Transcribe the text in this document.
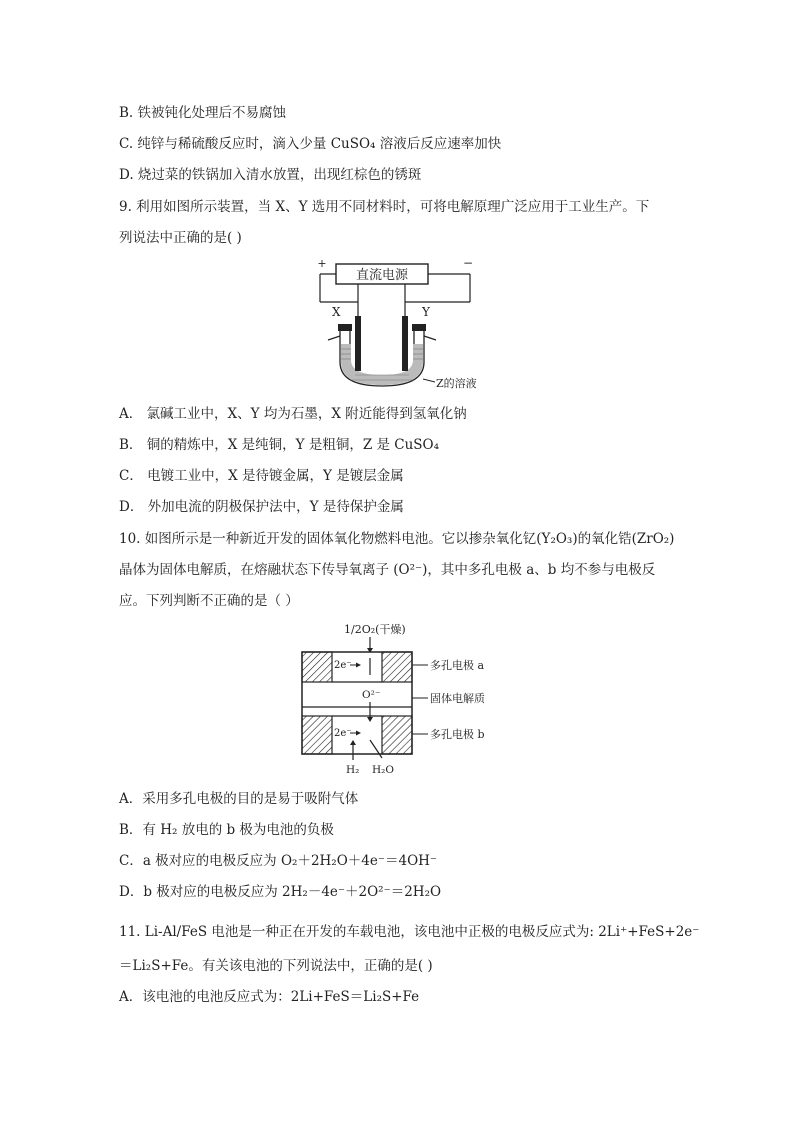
B. 铁被钝化处理后不易腐蚀
C. 纯锌与稀硫酸反应时，滴入少量 CuSO₄ 溶液后反应速率加快
D. 烧过菜的铁锅加入清水放置，出现红棕色的锈斑
9. 利用如图所示装置，当 X、Y 选用不同材料时，可将电解原理广泛应用于工业生产。下
列说法中正确的是( )
直流电源
+	−
X	Y
Z的溶液
A． 氯碱工业中，X、Y 均为石墨，X 附近能得到氢氧化钠
B． 铜的精炼中，X 是纯铜，Y 是粗铜，Z 是 CuSO₄
C． 电镀工业中，X 是待镀金属，Y 是镀层金属
D． 外加电流的阴极保护法中，Y 是待保护金属
10. 如图所示是一种新近开发的固体氧化物燃料电池。它以掺杂氧化钇(Y₂O₃)的氧化锆(ZrO₂)
晶体为固体电解质，在熔融状态下传导氧离子 (O²⁻)，其中多孔电极 a、b 均不参与电极反
应。下列判断不正确的是（ ）
1/2O₂(干燥)
2e⁻
O²⁻
2e⁻
H₂ H₂O
多孔电极 a
固体电解质
多孔电极 b
A．采用多孔电极的目的是易于吸附气体
B．有 H₂ 放电的 b 极为电池的负极
C．a 极对应的电极反应为 O₂＋2H₂O＋4e⁻＝4OH⁻
D．b 极对应的电极反应为 2H₂－4e⁻＋2O²⁻＝2H₂O
11. Li-Al/FeS 电池是一种正在开发的车载电池，该电池中正极的电极反应式为: 2Li⁺+FeS+2e⁻
＝Li₂S+Fe。有关该电池的下列说法中，正确的是( )
A．该电池的电池反应式为：2Li+FeS＝Li₂S+Fe
